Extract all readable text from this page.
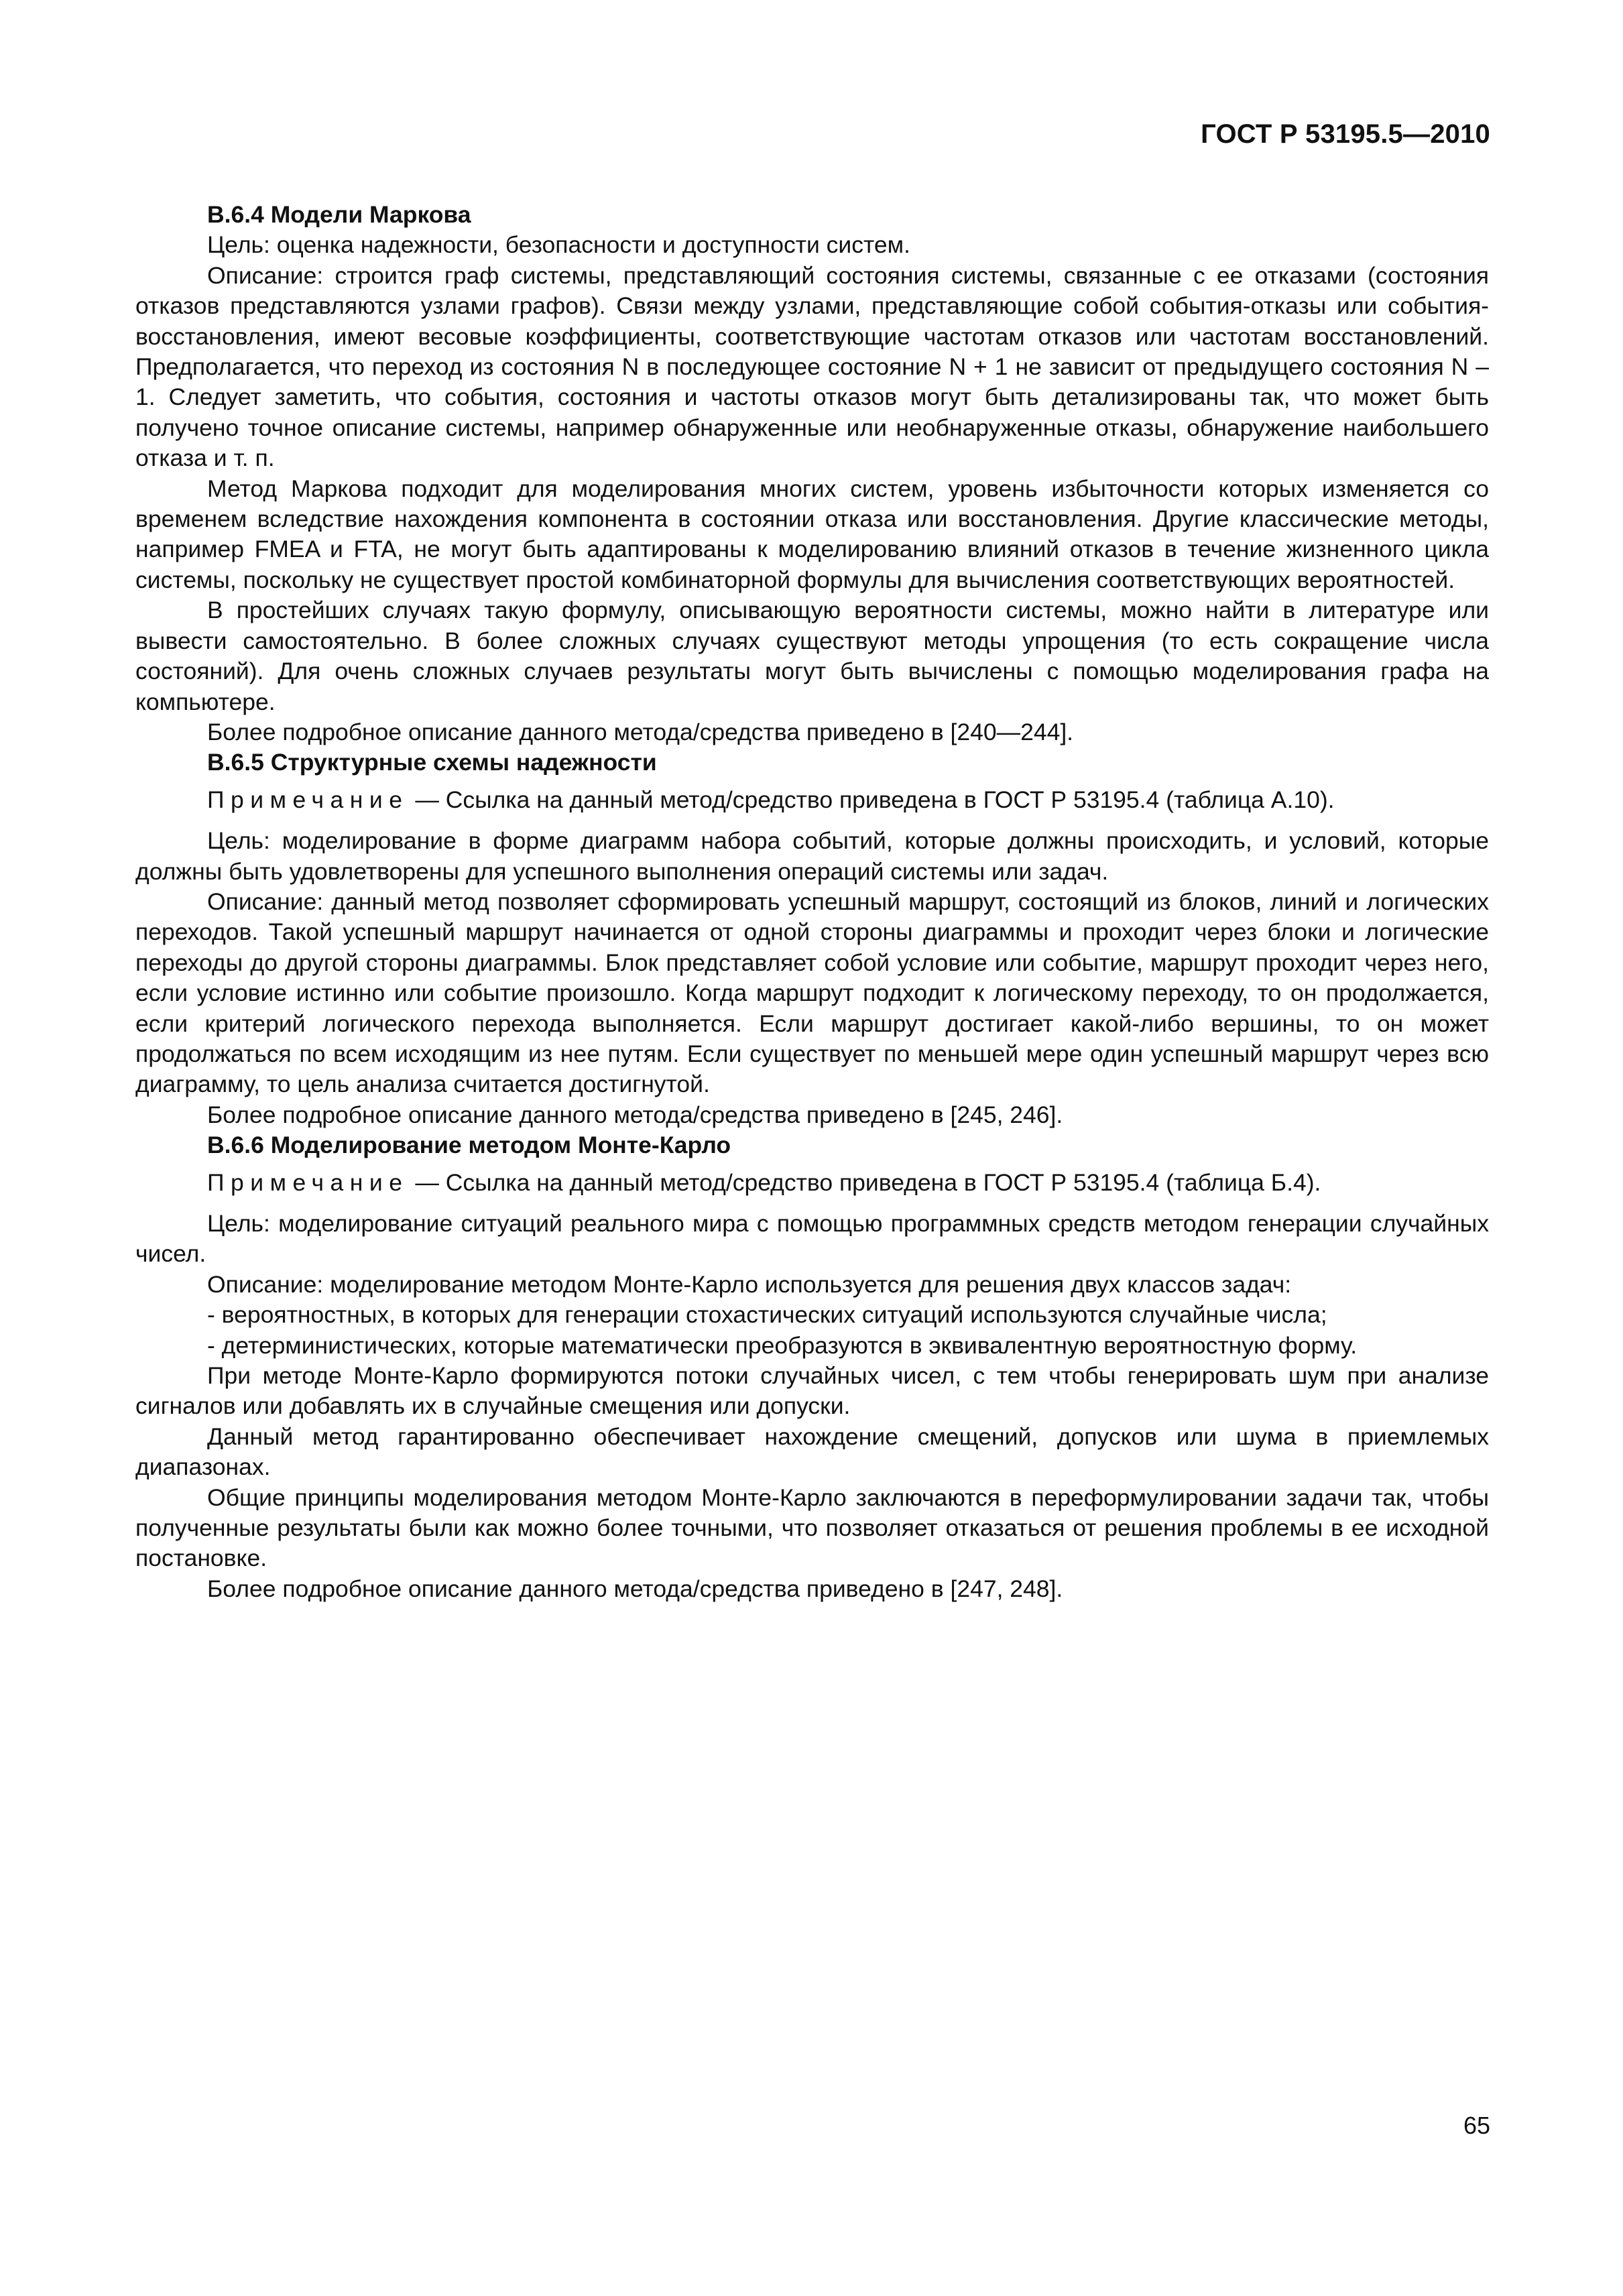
ГОСТ Р 53195.5—2010
В.6.4 Модели Маркова

Цель: оценка надежности, безопасности и доступности систем.

Описание: строится граф системы, представляющий состояния системы, связанные с ее отказами (состояния отказов представляются узлами графов). Связи между узлами, представляющие собой события-отказы или события-восстановления, имеют весовые коэффициенты, соответствующие частотам отказов или частотам восстановлений. Предполагается, что переход из состояния N в последующее состояние N + 1 не зависит от предыдущего состояния N – 1. Следует заметить, что события, состояния и частоты отказов могут быть детализированы так, что может быть получено точное описание системы, например обнаруженные или необнаруженные отказы, обнаружение наибольшего отказа и т. п.

Метод Маркова подходит для моделирования многих систем, уровень избыточности которых изменяется со временем вследствие нахождения компонента в состоянии отказа или восстановления. Другие классические методы, например FMEA и FTA, не могут быть адаптированы к моделированию влияний отказов в течение жизненного цикла системы, поскольку не существует простой комбинаторной формулы для вычисления соответствующих вероятностей.

В простейших случаях такую формулу, описывающую вероятности системы, можно найти в литературе или вывести самостоятельно. В более сложных случаях существуют методы упрощения (то есть сокращение числа состояний). Для очень сложных случаев результаты могут быть вычислены с помощью моделирования графа на компьютере.

Более подробное описание данного метода/средства приведено в [240—244].

В.6.5 Структурные схемы надежности
Примечание — Ссылка на данный метод/средство приведена в ГОСТ Р 53195.4 (таблица А.10).

Цель: моделирование в форме диаграмм набора событий, которые должны происходить, и условий, которые должны быть удовлетворены для успешного выполнения операций системы или задач.

Описание: данный метод позволяет сформировать успешный маршрут, состоящий из блоков, линий и логических переходов. Такой успешный маршрут начинается от одной стороны диаграммы и проходит через блоки и логические переходы до другой стороны диаграммы. Блок представляет собой условие или событие, маршрут проходит через него, если условие истинно или событие произошло. Когда маршрут подходит к логическому переходу, то он продолжается, если критерий логического перехода выполняется. Если маршрут достигает какой-либо вершины, то он может продолжаться по всем исходящим из нее путям. Если существует по меньшей мере один успешный маршрут через всю диаграмму, то цель анализа считается достигнутой.

Более подробное описание данного метода/средства приведено в [245, 246].

В.6.6 Моделирование методом Монте-Карло
Примечание — Ссылка на данный метод/средство приведена в ГОСТ Р 53195.4 (таблица Б.4).

Цель: моделирование ситуаций реального мира с помощью программных средств методом генерации случайных чисел.

Описание: моделирование методом Монте-Карло используется для решения двух классов задач:

- вероятностных, в которых для генерации стохастических ситуаций используются случайные числа;

- детерминистических, которые математически преобразуются в эквивалентную вероятностную форму.

При методе Монте-Карло формируются потоки случайных чисел, с тем чтобы генерировать шум при анализе сигналов или добавлять их в случайные смещения или допуски.

Данный метод гарантированно обеспечивает нахождение смещений, допусков или шума в приемлемых диапазонах.

Общие принципы моделирования методом Монте-Карло заключаются в переформулировании задачи так, чтобы полученные результаты были как можно более точными, что позволяет отказаться от решения проблемы в ее исходной постановке.

Более подробное описание данного метода/средства приведено в [247, 248].

65
